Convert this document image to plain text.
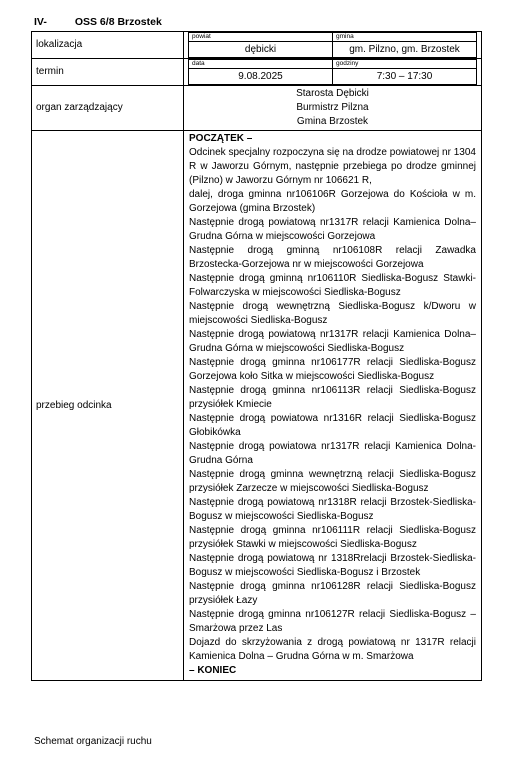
IV-	OSS 6/8 Brzostek
lokalizacja	
powiat	gmina
dębicki	gm. Pilzno, gm. Brzostek

termin	
data	godziny
9.08.2025	7:30 – 17:30

organ zarządzający	
Starosta Dębicki
Burmistrz Pilzna
Gmina Brzostek

przebieg odcinka	
POCZĄTEK –
Odcinek specjalny rozpoczyna się na drodze powiatowej nr 1304 R w Jaworzu Górnym, następnie przebiega po drodze gminnej (Pilzno) w Jaworzu Górnym nr 106621 R,
dalej, droga gminna nr106106R Gorzejowa do Kościoła w m. Gorzejowa (gmina Brzostek)
Następnie drogą powiatową nr1317R relacji Kamienica Dolna–Grudna Górna w miejscowości Gorzejowa
Następnie drogą gminną nr106108R relacji Zawadka Brzostecka-Gorzejowa nr w miejscowości Gorzejowa
Następnie drogą gminną nr106110R Siedliska-Bogusz Stawki-Folwarczyska w miejscowości Siedliska-Bogusz
Następnie drogą wewnętrzną Siedliska-Bogusz k/Dworu w miejscowości Siedliska-Bogusz
Następnie drogą powiatową nr1317R relacji Kamienica Dolna–Grudna Górna w miejscowości Siedliska-Bogusz
Następnie drogą gminna nr106177R relacji Siedliska-Bogusz Gorzejowa koło Sitka w miejscowości Siedliska-Bogusz
Następnie drogą gminna nr106113R relacji Siedliska-Bogusz przysiółek Kmiecie
Następnie drogą powiatowa nr1316R relacji Siedliska-Bogusz Głobikówka
Następnie drogą powiatowa nr1317R relacji Kamienica Dolna- Grudna Górna
Następnie drogą gminna wewnętrzną relacji Siedliska-Bogusz przysiółek Zarzecze w miejscowości Siedliska-Bogusz
Następnie drogą powiatową nr1318R relacji Brzostek-Siedliska-Bogusz w miejscowości Siedliska-Bogusz
Następnie drogą gminna nr106111R relacji Siedliska-Bogusz przysiółek Stawki w miejscowości Siedliska-Bogusz
Następnie drogą powiatową nr 1318Rrelacji Brzostek-Siedliska-Bogusz w miejscowości Siedliska-Bogusz i Brzostek
Następnie drogą gminna nr106128R relacji Siedliska-Bogusz przysiółek Łazy
Następnie drogą gminna nr106127R relacji Siedliska-Bogusz – Smarżowa przez Las
Dojazd do skrzyżowania z drogą powiatową nr 1317R relacji Kamienica Dolna – Grudna Górna w m. Smarżowa
– KONIEC
Schemat organizacji ruchu
